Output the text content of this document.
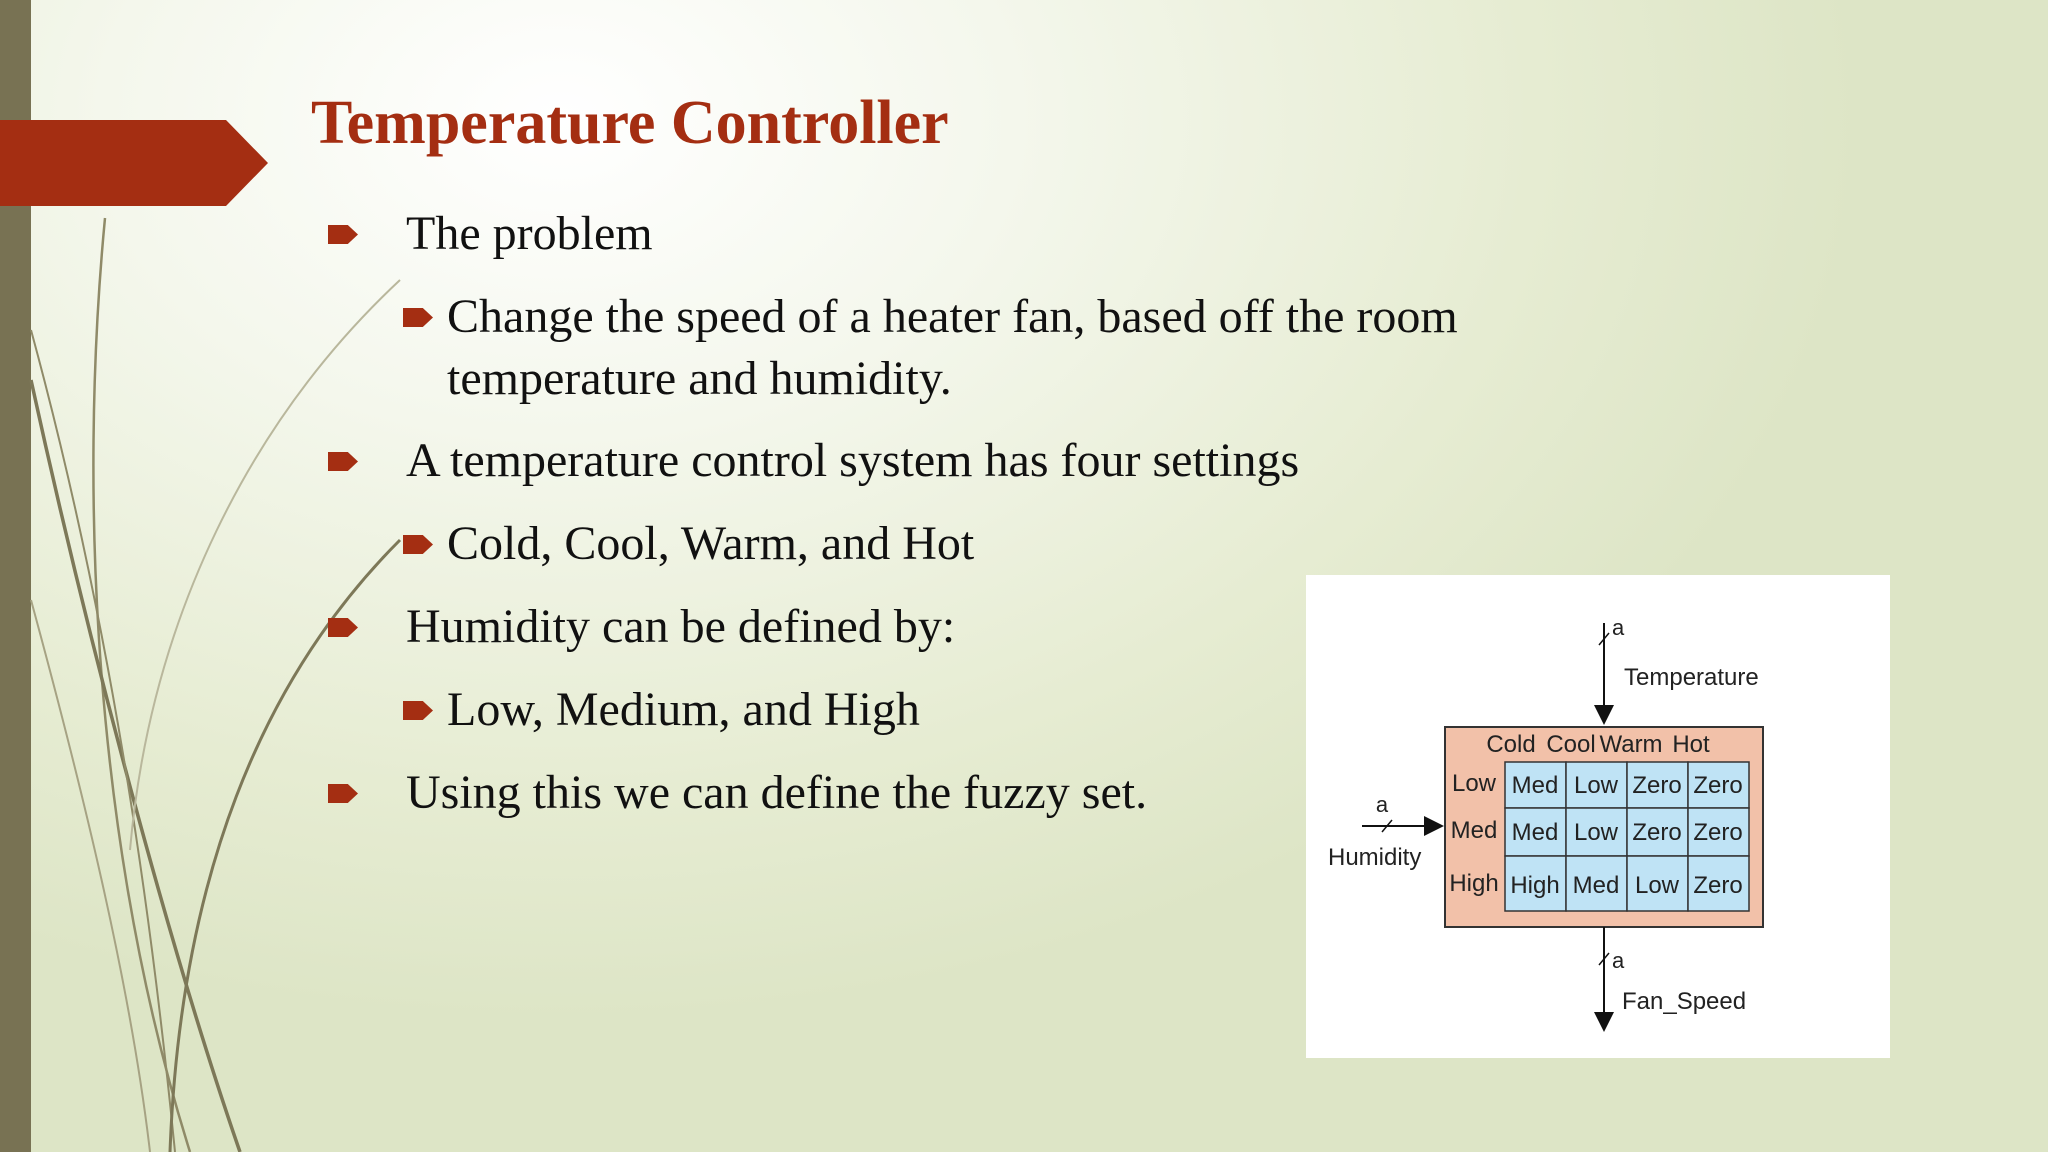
Temperature Controller
The problem
Change the speed of a heater fan, based off the room temperature and humidity.
A temperature control system has four settings
Cold, Cool, Warm, and Hot
Humidity can be defined by:
Low, Medium, and High
Using this we can define the fuzzy set.
a
Temperature
a
Humidity
Cold Cool Warm Hot
Low
Med
High
Med Low Zero Zero
Med Low Zero Zero
High Med Low Zero
a
Fan_Speed
